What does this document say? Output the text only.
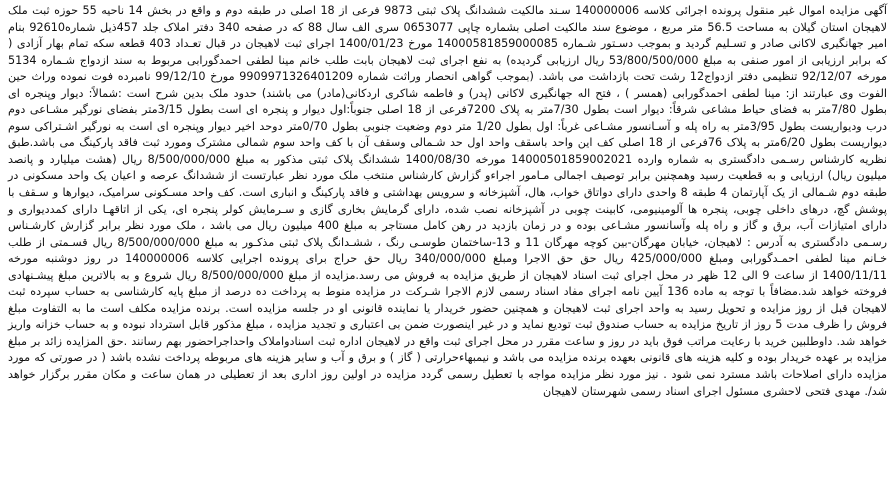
آگهی مزایده اموال غیر منقول پرونده اجرائی کلاسه 140000006 سـند مالکیت ششدانگ پلاک ثبتی 9873 فرعی از 18 اصلی در طبقه دوم و واقع در بخش 14 ناحیه 55 حوزه ثبت ملک لاهیجان استان گیلان به مساحت 56.5 متر مربع ، موضوع سند مالکیت اصلی بشماره چاپی 0653077 سری الف سال 88 که در صفحه 340 دفتر املاک جلد 457ذیل شماره92610 بنام امیر جهانگیری لاکانی صادر و تسـلیم گردید و بموجب دسـتور شـماره 14000581859000085 مورخ 1400/01/23 اجرای ثبت لاهیجان در قبال تعـداد 403 قطعه سکه تمام بهار آزادی ( که برابر ارزیابی از امور صنفی به مبلغ 53/800/500/000 ریال ارزیابی گردیده) به نفع اجرای ثبت لاهیجان بابت طلب خانم مینا لطفی احمدگورابی مربوط به سند ازدواج شـماره 5134 مورخه 92/12/07 تنظیمی دفتر ازدواج12 رشت تحت بازداشت می باشد. (بموجب گواهی انحصار وراثت شماره 9909971326401209 مورخ 99/12/10 نامبرده فوت نموده وراث حین الفوت وی عبارتند از: مینا لطفی احمدگورابی (همسر ) ، فتح اله جهانگیری لاکانی (پدر) و فاطمه شاکری اردکانی(مادر) می باشند) حدود ملک بدین شرح است :شمالاً: دیوار وپنجره ای بطول 7/80متر به فضای حیاط مشاعی شرقاً: دیوار است بطول 7/30متر به پلاک 7200فرعی از 18 اصلی جنوباً:اول دیوار و پنجره ای است بطول 3/15متر بفضای نورگیر مشـاعی دوم درب ودیواریست بطول 3/95متر به راه پله و آسـانسور مشـاعی غرباً: اول بطول 1/20 متر دوم وضعیت جنوبی بطول 0/70متر دوحد اخیر دیوار وپنجره ای است به نورگیر اشـتراکی سوم دیواریست بطول 6/20متر به پلاک 76فرعی از 18 اصلی کف این واحد باسقف واحد اول حد شـمالی وسقف آن با کف واحد سوم شمالی مشترک ومورد ثبت فاقد پارکینگ می باشد.طبق نظریه کارشناس رسـمی دادگستری به شماره وارده 14000501859002021 مورخه 1400/08/30 ششدانگ پلاک ثبتی مذکور به مبلغ 8/500/000/000 ریال (هشت میلیارد و پانصد میلیون ریال) ارزیابی و به قطعیت رسید وهمچنین برابر توصیف اجمالی مـامور اجراءو گزارش کارشناس منتخب ملک مورد نظر عبارتست از ششدانگ عرصه و اعیان یک واحد مسکونی در طبقه دوم شـمالی از یک آپارتمان 4 طبقه 8 واحدی دارای دواتاق خواب، هال، آشپزخانه و سرویس بهداشتی و فاقد پارکینگ و انباری است. کف واحد مسـکونی سرامیک، دیوارها و سـقف با پوشش گچ، درهای داخلی چوبی، پنجره ها آلومینیومی، کابینت چوبی در آشپزخانه نصب شده، دارای گرمایش بخاری گازی و سـرمایش کولر پنجره ای، یکی از اتاقهـا دارای کمددیواری و دارای امتیازات آب، برق و گاز و راه پله وآسانسور مشـاعی بوده و در زمان بازدید در رهن کامل مستاجر به مبلغ 400 میلیون ریال می باشد ، ملک مورد نظر برابر گزارش کارشـناس رسـمی دادگستری به آدرس : لاهیجان، خیابان مهرگان-بین کوچه مهرگان 11 و 13-ساختمان طوسـی رنگ ، ششـدانگ پلاک ثبتی مذکـور به مبلغ 8/500/000/000 ریال قسـمتی از طلب خـانم مینا لطفی احمـدگورابی ومبلغ 425/000/000 ریال حق حق الاجرا ومبلغ 340/000/000 ریال حق حراج برای پرونده اجرایی کلاسه 140000006 در روز دوشنبه مورخه 1400/11/11 از ساعت 9 الی 12 ظهر در محل اجرای ثبت اسناد لاهیجان از طریق مزایده به فروش می رسد.مزایده از مبلغ 8/500/000/000 ریال شروع و به بالاترین مبلغ پیشـنهادی فروخته خواهد شد.مضافاً با توجه به ماده 136 آیین نامه اجرای مفاد اسناد رسمی لازم الاجرا شـرکت در مزایده منوط به پرداخت ده درصد از مبلغ پایه کارشناسی به حساب سپرده ثبت لاهیجان قبل از روز مزایده و تحویل رسید به واحد اجرای ثبت لاهیجان و همچنین حضور خریدار یا نماینده قانونی او در جلسه مزایده است. برنده مزایده مکلف است ما به التفاوت مبلغ فروش را ظرف مدت 5 روز از تاریخ مزایده به حساب صندوق ثبت تودیع نماید و در غیر اینصورت ضمن بی اعتباری و تجدید مزایده ، مبلغ مذکور قابل استرداد نبوده و به حساب خزانه واریز خواهد شد. داوطلبین خرید با رعایت مراتب فوق باید در روز و ساعت مقرر در محل اجرای ثبت واقع در لاهیجان اداره ثبت اسنادواملاک واحداجراحضور بهم رسانند .حق المزایده زائد بر مبلغ مزایده بر عهده خریدار بوده و کلیه هزینه های قانونی بعهده برنده مزایده می باشد و نیمبهاءحرارتی ( گاز ) و برق و آب و سایر هزینه های مربوطه پرداخت نشده باشد ( در صورتی که مورد مزایده دارای اصلاحات باشد مسترد نمی شود . نیز مورد نظر مزایده مواجه با تعطیل رسمی گردد مزایده در اولین روز اداری بعد از تعطیلی در همان ساعت و مکان مقرر برگزار خواهد شد/. مهدی فتحی لاحشری مسئول اجرای اسناد رسمی شهرستان لاهیجان
